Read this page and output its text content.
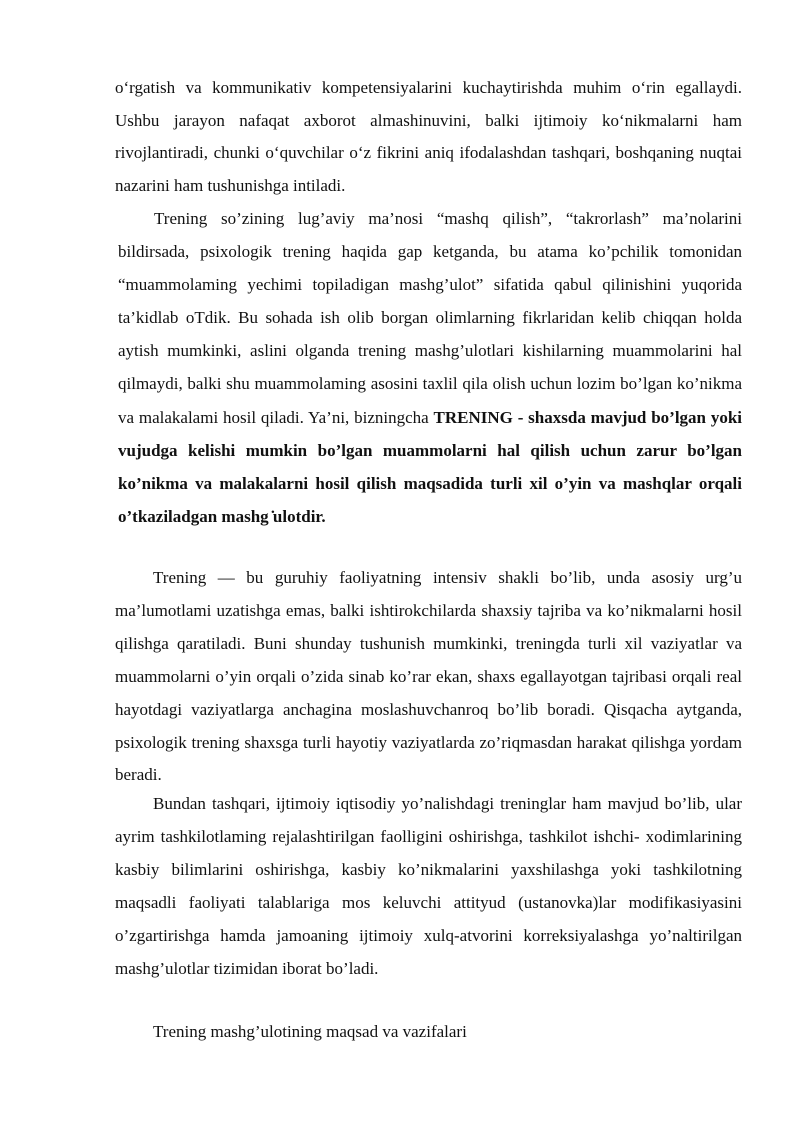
o‘rgatish va kommunikativ kompetensiyalarini kuchaytirishda muhim o‘rin egallaydi. Ushbu jarayon nafaqat axborot almashinuvini, balki ijtimoiy ko‘nikmalarni ham rivojlantiradi, chunki o‘quvchilar o‘z fikrini aniq ifodalashdan tashqari, boshqaning nuqtai nazarini ham tushunishga intiladi.

Trening so’zining lug’aviy ma’nosi “mashq qilish”, “takrorlash” ma’nolarini bildirsada, psixologik trening haqida gap ketganda, bu atama ko’pchilik tomonidan “muammolaming yechimi topiladigan mashg’ulot” sifatida qabul qilinishini yuqorida ta’kidlab oTdik. Bu sohada ish olib borgan olimlarning fikrlaridan kelib chiqqan holda aytish mumkinki, aslini olganda trening mashg’ulotlari kishilarning muammolarini hal qilmaydi, balki shu muammolaming asosini taxlil qila olish uchun lozim bo’lgan ko’nikma va malakalami hosil qiladi. Ya’ni, bizningcha TRENING - shaxsda mavjud bo’lgan yoki vujudga kelishi mumkin bo’lgan muammolarni hal qilish uchun zarur bo’lgan ko’nikma va malakalarni hosil qilish maqsadida turli xil o’yin va mashqlar orqali o’tkaziladgan mashg ̇ulotdir.

Trening — bu guruhiy faoliyatning intensiv shakli bo’lib, unda asosiy urg’u ma’lumotlami uzatishga emas, balki ishtirokchilarda shaxsiy tajriba va ko’nikmalarni hosil qilishga qaratiladi. Buni shunday tushunish mumkinki, treningda turli xil vaziyatlar va muammolarni o’yin orqali o’zida sinab ko’rar ekan, shaxs egallayotgan tajribasi orqali real hayotdagi vaziyatlarga anchagina moslashuvchanroq bo’lib boradi. Qisqacha aytganda, psixologik trening shaxsga turli hayotiy vaziyatlarda zo’riqmasdan harakat qilishga yordam beradi.

Bundan tashqari, ijtimoiy iqtisodiy yo’nalishdagi treninglar ham mavjud bo’lib, ular ayrim tashkilotlaming rejalashtirilgan faolligini oshirishga, tashkilot ishchi- xodimlarining kasbiy bilimlarini oshirishga, kasbiy ko’nikmalarini yaxshilashga yoki tashkilotning maqsadli faoliyati talablariga mos keluvchi attityud (ustanovka)lar modifikasiyasini o’zgartirishga hamda jamoaning ijtimoiy xulq-atvorini korreksiyalashga yo’naltirilgan mashg’ulotlar tizimidan iborat bo’ladi.

Trening mashg’ulotining maqsad va vazifalari
